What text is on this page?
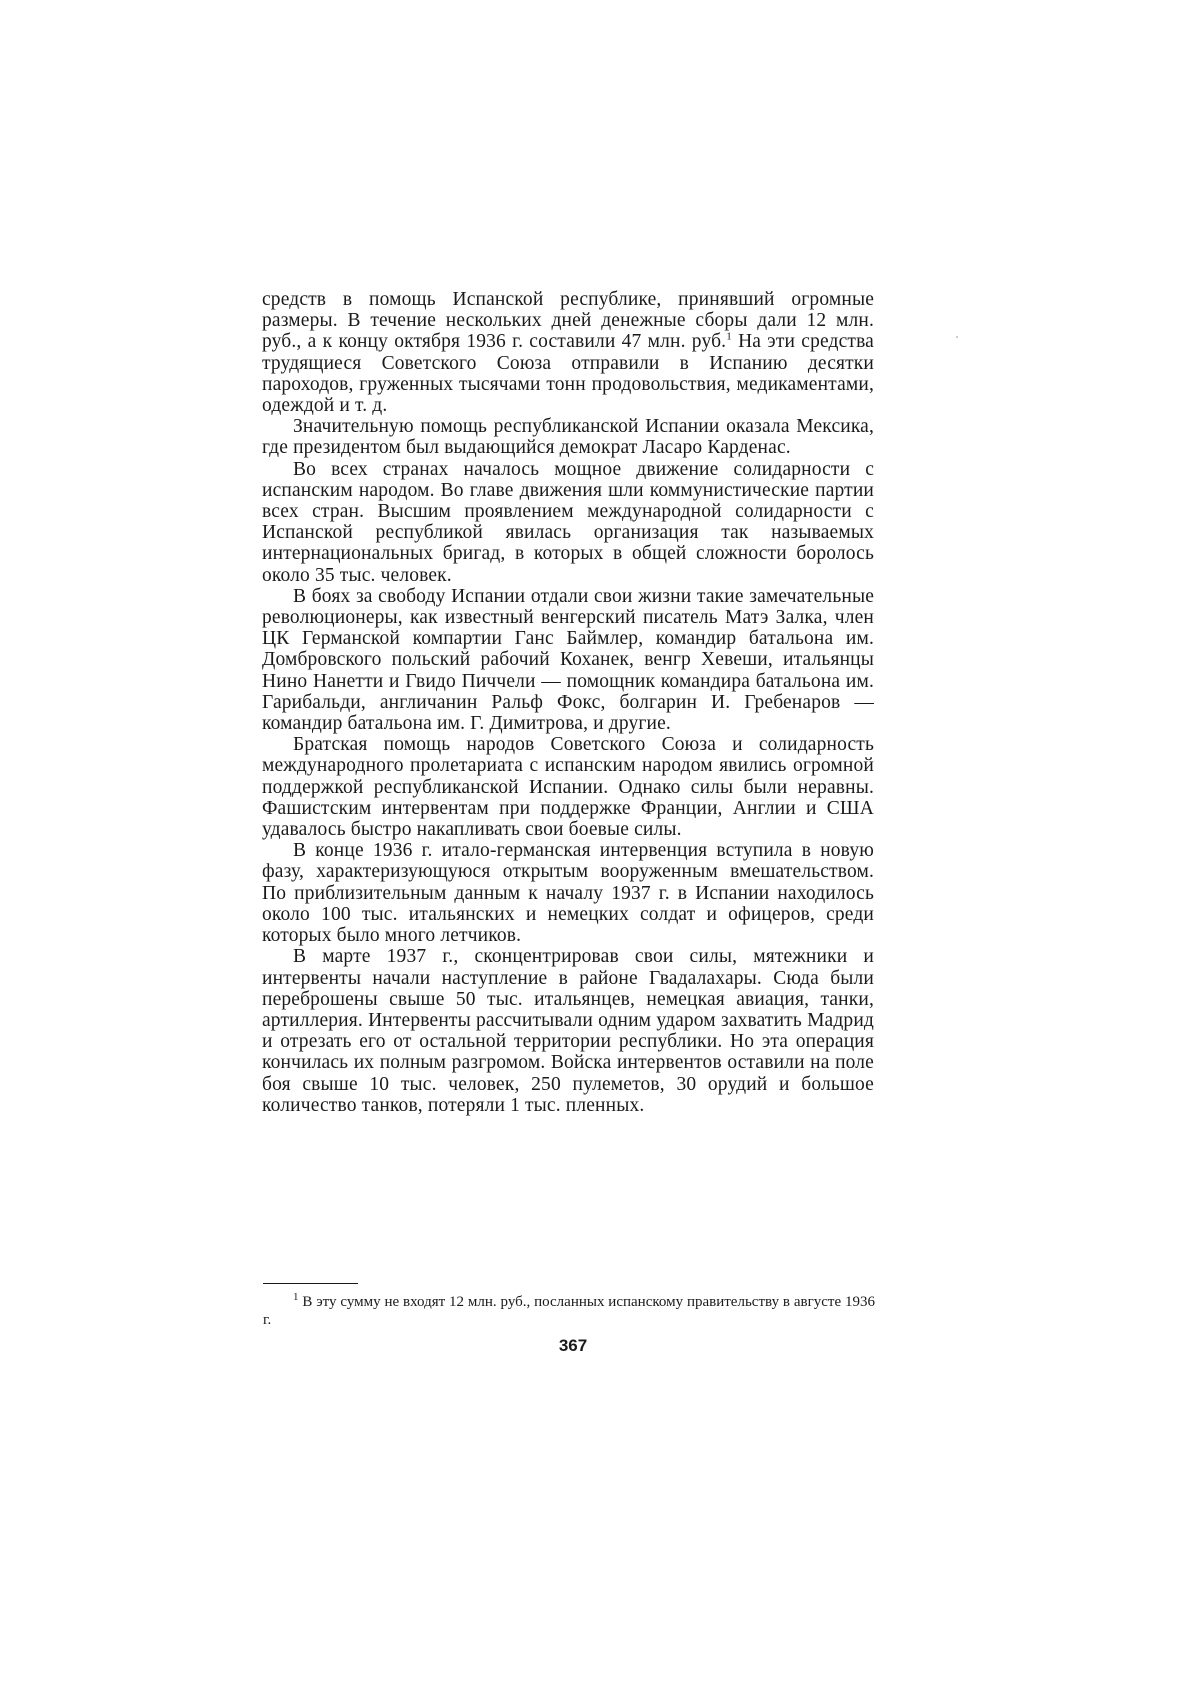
средств в помощь Испанской республике, принявший огромные размеры. В течение нескольких дней денежные сборы дали 12 млн. руб., а к концу октября 1936 г. составили 47 млн. руб.$^1$ На эти средства трудящиеся Советского Союза отправили в Испанию десятки пароходов, груженных тысячами тонн продовольствия, медикаментами, одеждой и т. д.

Значительную помощь республиканской Испании оказала Мексика, где президентом был выдающийся демократ Ласаро Карденас.

Во всех странах началось мощное движение солидарности с испанским народом. Во главе движения шли коммунистические партии всех стран. Высшим проявлением международной солидарности с Испанской республикой явилась организация так называемых интернациональных бригад, в которых в общей сложности боролось около 35 тыс. человек.

В боях за свободу Испании отдали свои жизни такие замечательные революционеры, как известный венгерский писатель Матэ Залка, член ЦК Германской компартии Ганс Баймлер, командир батальона им. Домбровского польский рабочий Коханек, венгр Хевеши, итальянцы Нино Нанетти и Гвидо Пиччели — помощник командира батальона им. Гарибальди, англичанин Ральф Фокс, болгарин И. Гребенаров — командир батальона им. Г. Димитрова, и другие.

Братская помощь народов Советского Союза и солидарность международного пролетариата с испанским народом явились огромной поддержкой республиканской Испании. Однако силы были неравны. Фашистским интервентам при поддержке Франции, Англии и США удавалось быстро накапливать свои боевые силы.

В конце 1936 г. итало-германская интервенция вступила в новую фазу, характеризующуюся открытым вооруженным вмешательством. По приблизительным данным к началу 1937 г. в Испании находилось около 100 тыс. итальянских и немецких солдат и офицеров, среди которых было много летчиков.

В марте 1937 г., сконцентрировав свои силы, мятежники и интервенты начали наступление в районе Гвадалахары. Сюда были переброшены свыше 50 тыс. итальянцев, немецкая авиация, танки, артиллерия. Интервенты рассчитывали одним ударом захватить Мадрид и отрезать его от остальной территории республики. Но эта операция кончилась их полным разгромом. Войска интервентов оставили на поле боя свыше 10 тыс. человек, 250 пулеметов, 30 орудий и большое количество танков, потеряли 1 тыс. пленных.

$^1$ В эту сумму не входят 12 млн. руб., посланных испанскому правительству в августе 1936 г.
367
